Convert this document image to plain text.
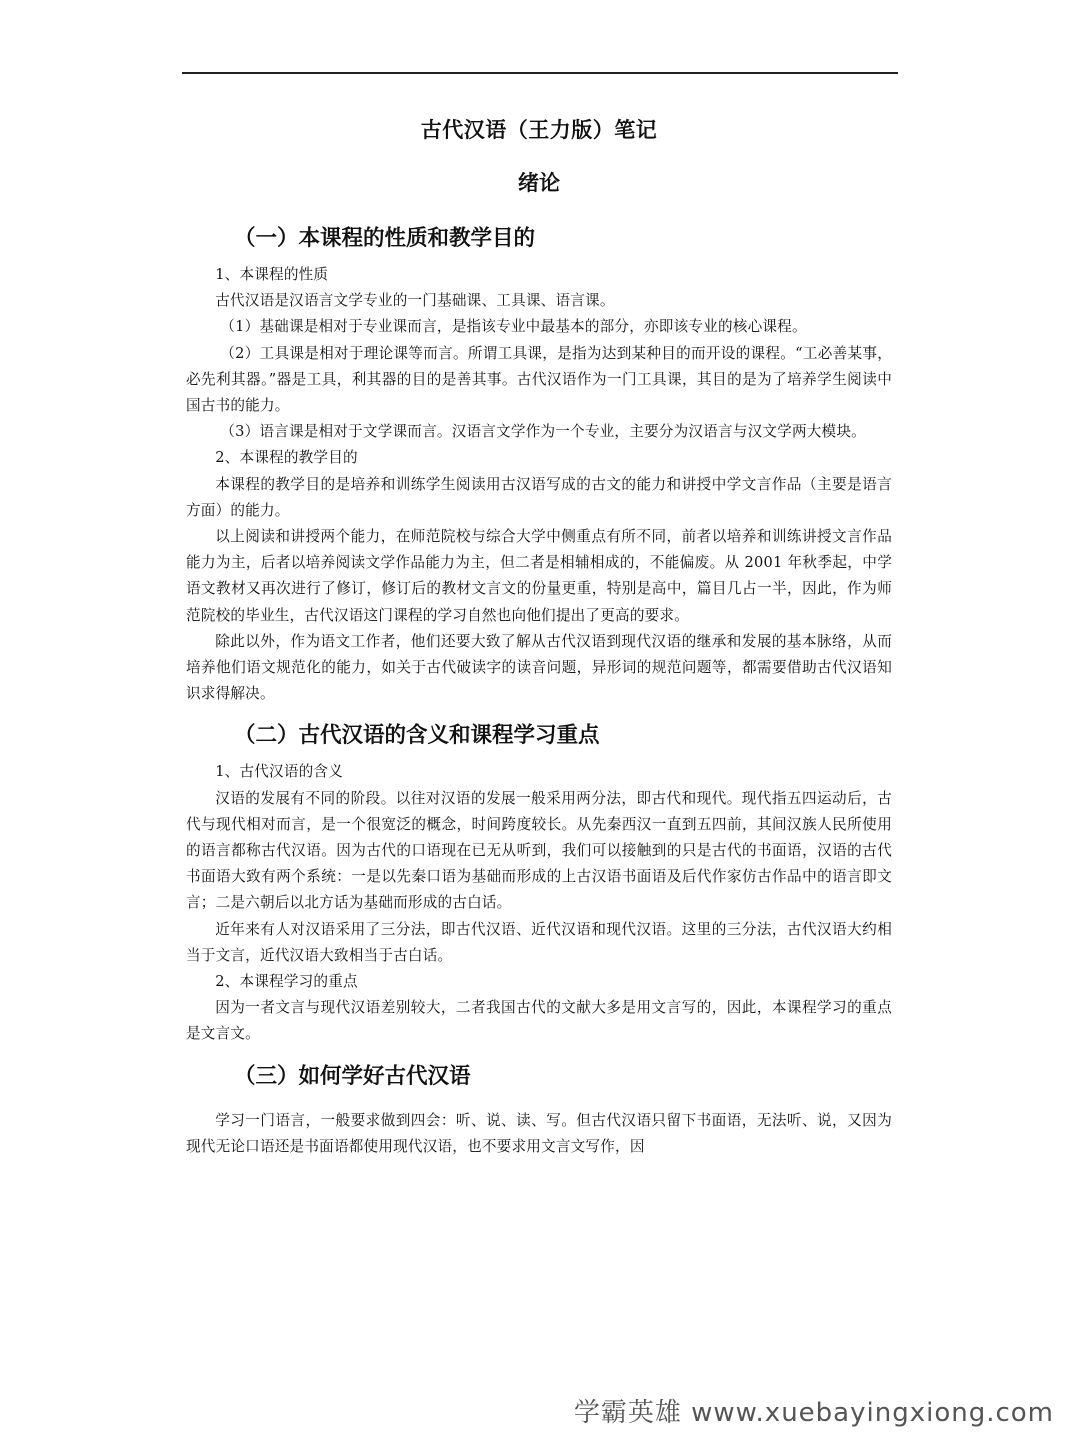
古代汉语（王力版）笔记
绪论
（一）本课程的性质和教学目的

1、本课程的性质

古代汉语是汉语言文学专业的一门基础课、工具课、语言课。

（1）基础课是相对于专业课而言，是指该专业中最基本的部分，亦即该专业的核心课程。

（2）工具课是相对于理论课等而言。所谓工具课，是指为达到某种目的而开设的课程。“工必善某事，必先利其器。”器是工具，利其器的目的是善其事。古代汉语作为一门工具课，其目的是为了培养学生阅读中国古书的能力。

（3）语言课是相对于文学课而言。汉语言文学作为一个专业，主要分为汉语言与汉文学两大模块。

2、本课程的教学目的

本课程的教学目的是培养和训练学生阅读用古汉语写成的古文的能力和讲授中学文言作品（主要是语言方面）的能力。

以上阅读和讲授两个能力，在师范院校与综合大学中侧重点有所不同，前者以培养和训练讲授文言作品能力为主，后者以培养阅读文学作品能力为主，但二者是相辅相成的，不能偏废。从 2001 年秋季起，中学语文教材又再次进行了修订，修订后的教材文言文的份量更重，特别是高中，篇目几占一半，因此，作为师范院校的毕业生，古代汉语这门课程的学习自然也向他们提出了更高的要求。

除此以外，作为语文工作者，他们还要大致了解从古代汉语到现代汉语的继承和发展的基本脉络，从而培养他们语文规范化的能力，如关于古代破读字的读音问题，异形词的规范问题等，都需要借助古代汉语知识求得解决。

（二）古代汉语的含义和课程学习重点

1、古代汉语的含义

汉语的发展有不同的阶段。以往对汉语的发展一般采用两分法，即古代和现代。现代指五四运动后，古代与现代相对而言，是一个很宽泛的概念，时间跨度较长。从先秦西汉一直到五四前，其间汉族人民所使用的语言都称古代汉语。因为古代的口语现在已无从听到，我们可以接触到的只是古代的书面语，汉语的古代书面语大致有两个系统：一是以先秦口语为基础而形成的上古汉语书面语及后代作家仿古作品中的语言即文言；二是六朝后以北方话为基础而形成的古白话。

近年来有人对汉语采用了三分法，即古代汉语、近代汉语和现代汉语。这里的三分法，古代汉语大约相当于文言，近代汉语大致相当于古白话。

2、本课程学习的重点

因为一者文言与现代汉语差别较大，二者我国古代的文献大多是用文言写的，因此，本课程学习的重点是文言文。

（三）如何学好古代汉语

学习一门语言，一般要求做到四会：听、说、读、写。但古代汉语只留下书面语，无法听、说，又因为现代无论口语还是书面语都使用现代汉语，也不要求用文言文写作，因

学霸英雄 www.xuebayingxiong.com
